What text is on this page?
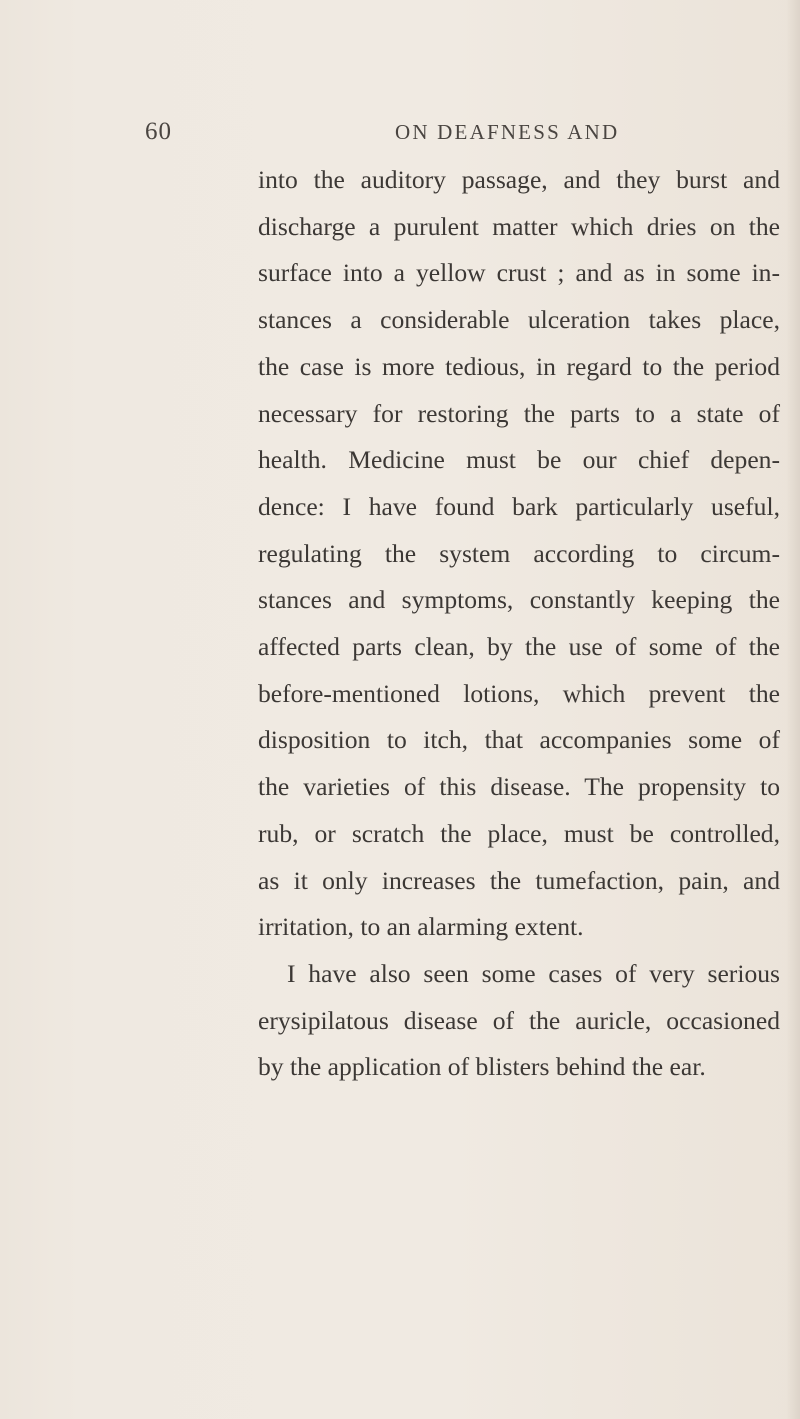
60	ON DEAFNESS AND

into the auditory passage, and they burst and

discharge a purulent matter which dries on the

surface into a yellow crust ; and as in some in-

stances a considerable ulceration takes place,

the case is more tedious, in regard to the period

necessary for restoring the parts to a state of

health. Medicine must be our chief depen-

dence: I have found bark particularly useful,

regulating the system according to circum-

stances and symptoms, constantly keeping the

affected parts clean, by the use of some of the

before-mentioned lotions, which prevent the

disposition to itch, that accompanies some of

the varieties of this disease. The propensity to

rub, or scratch the place, must be controlled,

as it only increases the tumefaction, pain, and

irritation, to an alarming extent.

I have also seen some cases of very serious

erysipilatous disease of the auricle, occasioned

by the application of blisters behind the ear.
